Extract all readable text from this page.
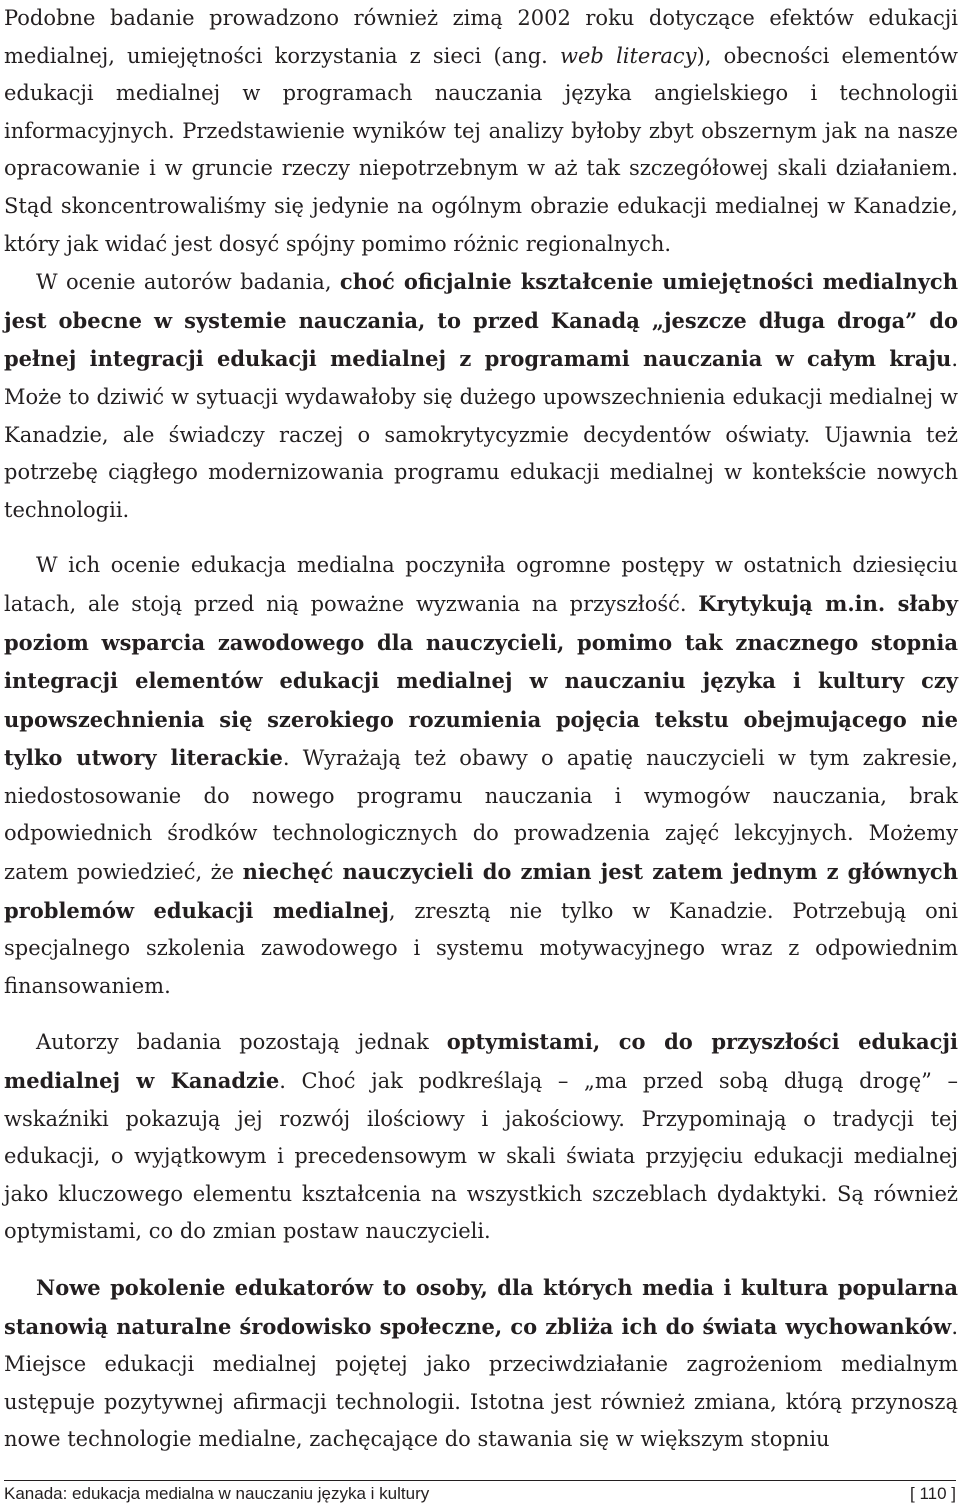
Podobne badanie prowadzono również zimą 2002 roku dotyczące efektów edukacji medialnej, umiejętności korzystania z sieci (ang. web literacy), obecności elementów edukacji medialnej w programach nauczania języka angielskiego i technologii informacyjnych. Przedstawienie wyników tej analizy byłoby zbyt obszernym jak na nasze opracowanie i w gruncie rzeczy niepotrzebnym w aż tak szczegółowej skali działaniem. Stąd skoncentrowaliśmy się jedynie na ogólnym obrazie edukacji medialnej w Kanadzie, który jak widać jest dosyć spójny pomimo różnic regionalnych.

W ocenie autorów badania, choć oficjalnie kształcenie umiejętności medialnych jest obecne w systemie nauczania, to przed Kanadą „jeszcze długa droga” do pełnej integracji edukacji medialnej z programami nauczania w całym kraju. Może to dziwić w sytuacji wydawałoby się dużego upowszechnienia edukacji medialnej w Kanadzie, ale świadczy raczej o samokrytycyzmie decydentów oświaty. Ujawnia też potrzebę ciągłego modernizowania programu edukacji medialnej w kontekście nowych technologii.

W ich ocenie edukacja medialna poczyniła ogromne postępy w ostatnich dziesięciu latach, ale stoją przed nią poważne wyzwania na przyszłość. Krytykują m.in. słaby poziom wsparcia zawodowego dla nauczycieli, pomimo tak znacznego stopnia integracji elementów edukacji medialnej w nauczaniu języka i kultury czy upowszechnienia się szerokiego rozumienia pojęcia tekstu obejmującego nie tylko utwory literackie. Wyrażają też obawy o apatię nauczycieli w tym zakresie, niedostosowanie do nowego programu nauczania i wymogów nauczania, brak odpowiednich środków technologicznych do prowadzenia zajęć lekcyjnych. Możemy zatem powiedzieć, że niechęć nauczycieli do zmian jest zatem jednym z głównych problemów edukacji medialnej, zresztą nie tylko w Kanadzie. Potrzebują oni specjalnego szkolenia zawodowego i systemu motywacyjnego wraz z odpowiednim finansowaniem.

Autorzy badania pozostają jednak optymistami, co do przyszłości edukacji medialnej w Kanadzie. Choć jak podkreślają – „ma przed sobą długą drogę” – wskaźniki pokazują jej rozwój ilościowy i jakościowy. Przypominają o tradycji tej edukacji, o wyjątkowym i precedensowym w skali świata przyjęciu edukacji medialnej jako kluczowego elementu kształcenia na wszystkich szczeblach dydaktyki. Są również optymistami, co do zmian postaw nauczycieli.

Nowe pokolenie edukatorów to osoby, dla których media i kultura popularna stanowią naturalne środowisko społeczne, co zbliża ich do świata wychowanków. Miejsce edukacji medialnej pojętej jako przeciwdziałanie zagrożeniom medialnym ustępuje pozytywnej afirmacji technologii. Istotna jest również zmiana, którą przynoszą nowe technologie medialne, zachęcające do stawania się w większym stopniu

Kanada: edukacja medialna w nauczaniu języka i kultury	[ 110 ]
